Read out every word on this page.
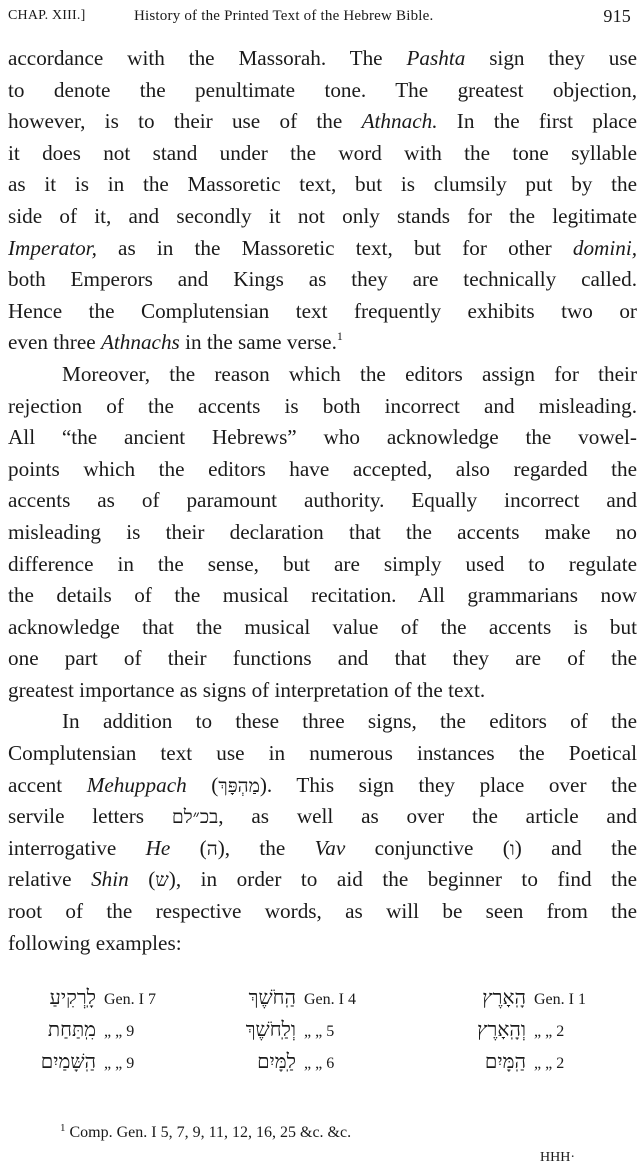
CHAP. XIII.]	History of the Printed Text of the Hebrew Bible.	915
accordance with the Massorah. The Pashta sign they use
to denote the penultimate tone. The greatest objection,
however, is to their use of the Athnach. In the first place
it does not stand under the word with the tone syllable
as it is in the Massoretic text, but is clumsily put by the
side of it, and secondly it not only stands for the legitimate
Imperator, as in the Massoretic text, but for other domini,
both Emperors and Kings as they are technically called.
Hence the Complutensian text frequently exhibits two or
even three Athnachs in the same verse.$^1$
Moreover, the reason which the editors assign for their
rejection of the accents is both incorrect and misleading.
All “the ancient Hebrews” who acknowledge the vowel-
points which the editors have accepted, also regarded the
accents as of paramount authority. Equally incorrect and
misleading is their declaration that the accents make no
difference in the sense, but are simply used to regulate
the details of the musical recitation. All grammarians now
acknowledge that the musical value of the accents is but
one part of their functions and that they are of the
greatest importance as signs of interpretation of the text.
In addition to these three signs, the editors of the
Complutensian text use in numerous instances the Poetical
accent Mehuppach (מַהְפָּךְ). This sign they place over the
servile letters בכ״לם, as well as over the article and
interrogative He (ה), the Vav conjunctive (ו) and the
relative Shin (ש), in order to aid the beginner to find the
root of the respective words, as will be seen from the
following examples:
לָֽרְקִיעַ Gen. I 7	הַֽחֹשֶׁךְ Gen. I 4	הָֽאָרֶץ Gen. I 1
מִֽתַּחַת „ „ 9	וְלַֽחֹשֶׁךְ „ „ 5	וְהָֽאָרֶץ „ „ 2
הַֽשָּׁמַיִם „ „ 9	לַֽמָּיִם „ „ 6	הַֽמָּיִם „ „ 2
$^1$ Comp. Gen. I 5, 7, 9, 11, 12, 16, 25 &c. &c.
HHH·
